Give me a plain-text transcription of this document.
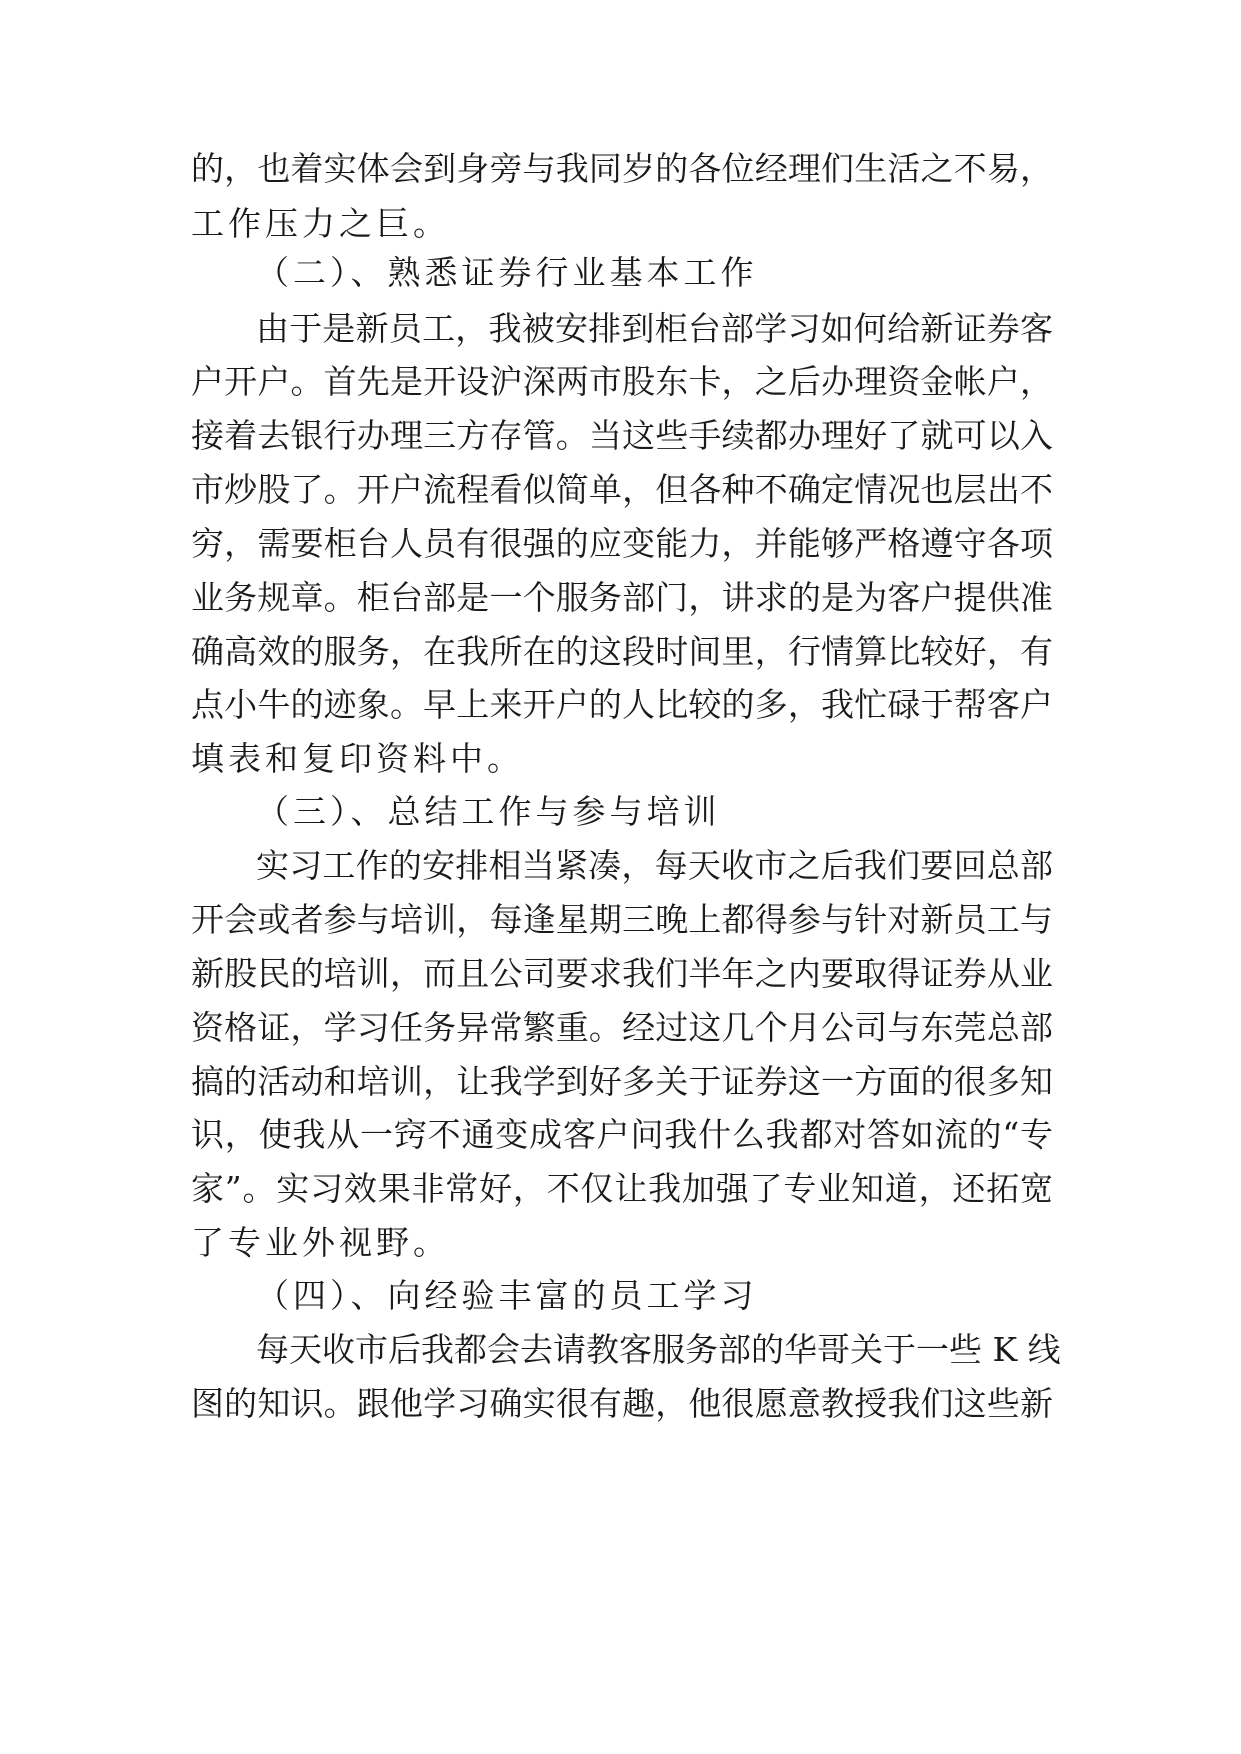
的，也着实体会到身旁与我同岁的各位经理们生活之不易，
工作压力之巨。
（二）、熟悉证券行业基本工作
由于是新员工，我被安排到柜台部学习如何给新证券客
户开户。首先是开设沪深两市股东卡，之后办理资金帐户，
接着去银行办理三方存管。当这些手续都办理好了就可以入
市炒股了。开户流程看似简单，但各种不确定情况也层出不
穷，需要柜台人员有很强的应变能力，并能够严格遵守各项
业务规章。柜台部是一个服务部门，讲求的是为客户提供准
确高效的服务，在我所在的这段时间里，行情算比较好，有
点小牛的迹象。早上来开户的人比较的多，我忙碌于帮客户
填表和复印资料中。
（三）、总结工作与参与培训
实习工作的安排相当紧凑，每天收市之后我们要回总部
开会或者参与培训，每逢星期三晚上都得参与针对新员工与
新股民的培训，而且公司要求我们半年之内要取得证券从业
资格证，学习任务异常繁重。经过这几个月公司与东莞总部
搞的活动和培训，让我学到好多关于证券这一方面的很多知
识，使我从一窍不通变成客户问我什么我都对答如流的“专
家”。实习效果非常好，不仅让我加强了专业知道，还拓宽
了专业外视野。
（四）、向经验丰富的员工学习
每天收市后我都会去请教客服务部的华哥关于一些 K 线
图的知识。跟他学习确实很有趣，他很愿意教授我们这些新
